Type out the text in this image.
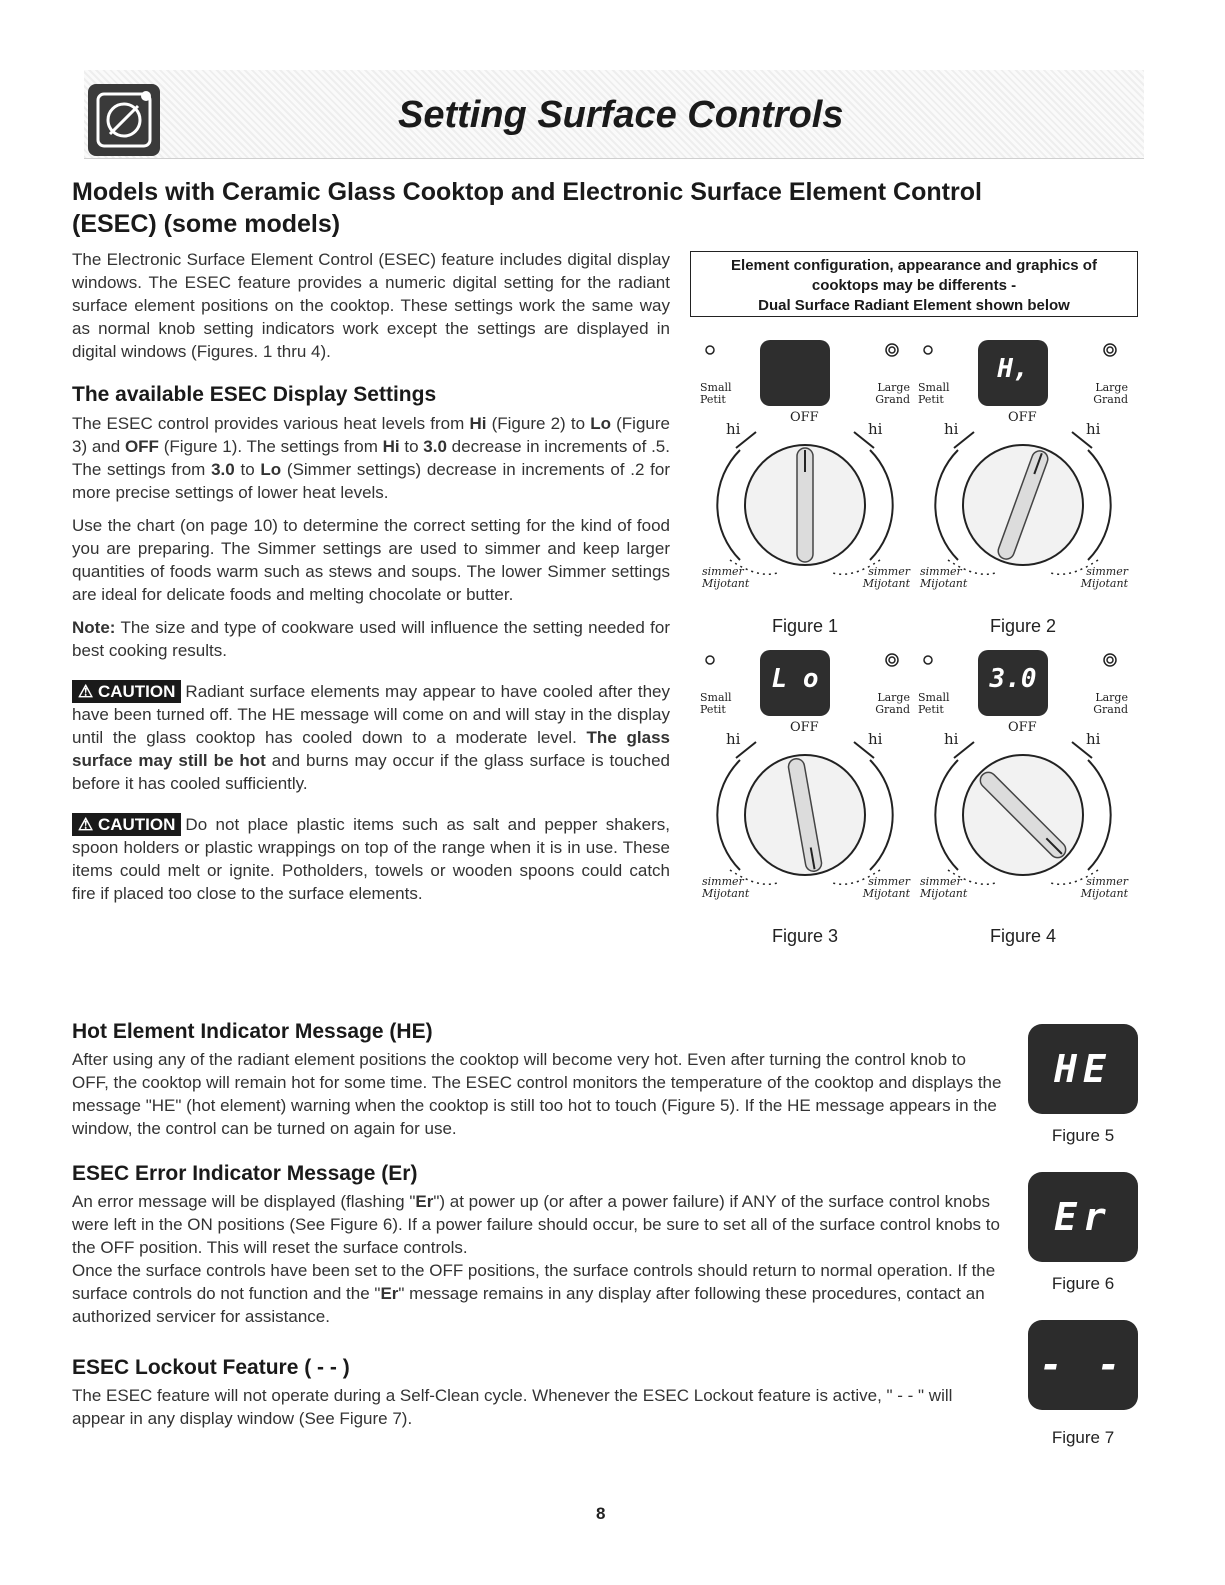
Setting Surface Controls
Models with Ceramic Glass Cooktop and Electronic Surface Element Control (ESEC) (some models)

The Electronic Surface Element Control (ESEC) feature includes digital display windows. The ESEC feature provides a numeric digital setting for the radiant surface element positions on the cooktop. These settings work the same way as normal knob setting indicators work except the settings are displayed in digital windows (Figures. 1 thru 4).

The available ESEC Display Settings

The ESEC control provides various heat levels from Hi (Figure 2) to Lo (Figure 3) and OFF (Figure 1). The settings from Hi to 3.0 decrease in increments of .5. The settings from 3.0 to Lo (Simmer settings) decrease in increments of .2 for more precise settings of lower heat levels.

Use the chart (on page 10) to determine the correct setting for the kind of food you are preparing. The Simmer settings are used to simmer and keep larger quantities of foods warm such as stews and soups. The lower Simmer settings are ideal for delicate foods and melting chocolate or butter.

Note: The size and type of cookware used will influence the setting needed for best cooking results.

⚠ CAUTION Radiant surface elements may appear to have cooled after they have been turned off. The HE message will come on and will stay in the display until the glass cooktop has cooled down to a moderate level. The glass surface may still be hot and burns may occur if the glass surface is touched before it has cooled sufficiently.

⚠ CAUTION Do not place plastic items such as salt and pepper shakers, spoon holders or plastic wrappings on top of the range when it is in use. These items could melt or ignite. Potholders, towels or wooden spoons could catch fire if placed too close to the surface elements.

Element configuration, appearance and graphics of
cooktops may be differents -
Dual Surface Radiant Element shown below
Small
Petit
Large
Grand
OFF
hi	hi
simmer
Mijotant
simmer
Mijotant
Figure 1
Small
Petit
Large
Grand
OFF
hi	hi
simmer
Mijotant
simmer
Mijotant
H,
Figure 2
Small
Petit
Large
Grand
OFF
hi	hi
simmer
Mijotant
simmer
Mijotant
L o
Figure 3
Small
Petit
Large
Grand
OFF
hi	hi
simmer
Mijotant
simmer
Mijotant
3.0
Figure 4
Hot Element Indicator Message (HE)

After using any of the radiant element positions the cooktop will become very hot. Even after turning the control knob to OFF, the cooktop will remain hot for some time. The ESEC control monitors the temperature of the cooktop and displays the message "HE" (hot element) warning when the cooktop is still too hot to touch (Figure 5). If the HE message appears in the window, the control can be turned on again for use.

HE
Figure 5
ESEC Error Indicator Message (Er)

An error message will be displayed (flashing "Er") at power up (or after a power failure) if ANY of the surface control knobs were left in the ON positions (See Figure 6). If a power failure should occur, be sure to set all of the surface control knobs to the OFF position. This will reset the surface controls.

Once the surface controls have been set to the OFF positions, the surface controls should return to normal operation. If the surface controls do not function and the "Er" message remains in any display after following these procedures, contact an authorized servicer for assistance.

Er
Figure 6
ESEC Lockout Feature ( - - )

The ESEC feature will not operate during a Self-Clean cycle. Whenever the ESEC Lockout feature is active, " - - " will appear in any display window (See Figure 7).

- -
Figure 7
8
